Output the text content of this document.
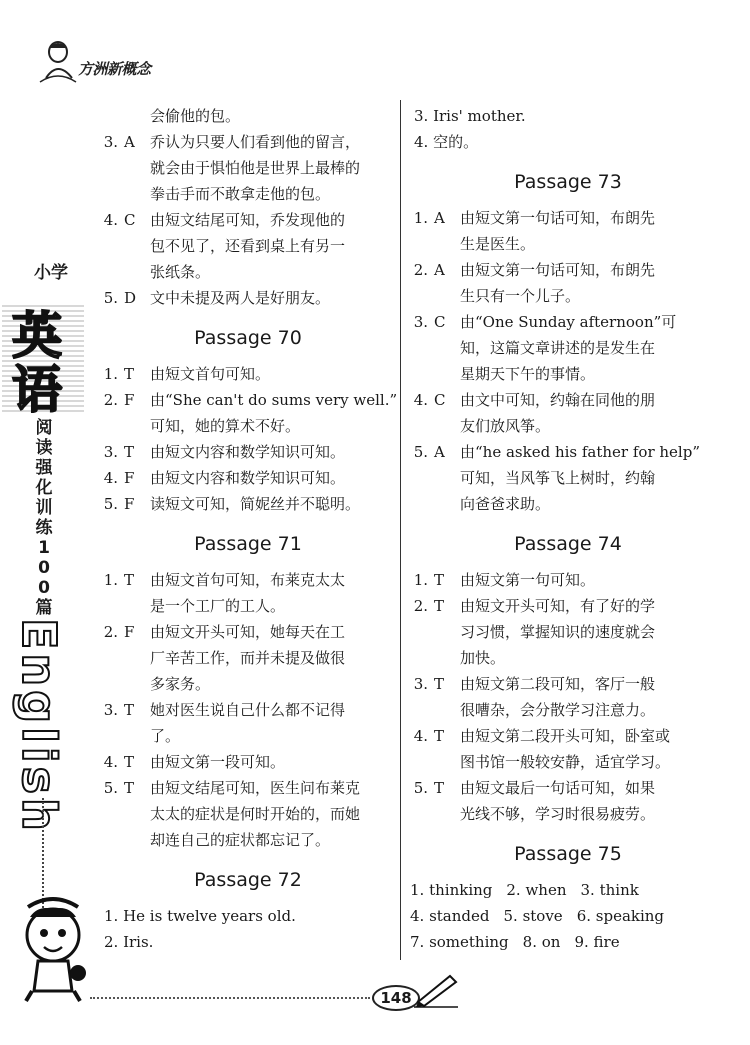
方洲新概念
小学
英
语
阅读强化训练100篇
English
会偷他的包。
3. A	乔认为只要人们看到他的留言，
就会由于惧怕他是世界上最棒的
拳击手而不敢拿走他的包。
4. C 由短文结尾可知，乔发现他的
包不见了，还看到桌上有另一
张纸条。
5. D 文中未提及两人是好朋友。
Passage 70
1. T	由短文首句可知。
2. F	由“She can't do sums very well.”
可知，她的算术不好。
3. T	由短文内容和数学知识可知。
4. F	由短文内容和数学知识可知。
5. F	读短文可知，简妮丝并不聪明。
Passage 71
1. T	由短文首句可知，布莱克太太
是一个工厂的工人。
2. F	由短文开头可知，她每天在工
厂辛苦工作，而并未提及做很
多家务。
3. T	她对医生说自己什么都不记得
了。
4. T	由短文第一段可知。
5. T	由短文结尾可知，医生问布莱克
太太的症状是何时开始的，而她
却连自己的症状都忘记了。
Passage 72
1. He is twelve years old.
2. Iris.
3. Iris' mother.
4. 空的。
Passage 73
1. A	由短文第一句话可知，布朗先
生是医生。
2. A	由短文第一句话可知，布朗先
生只有一个儿子。
3. C 由“One Sunday afternoon”可
知，这篇文章讲述的是发生在
星期天下午的事情。
4. C 由文中可知，约翰在同他的朋
友们放风筝。
5. A	由“he asked his father for help”
可知，当风筝飞上树时，约翰
向爸爸求助。
Passage 74
1. T	由短文第一句可知。
2. T	由短文开头可知，有了好的学
习习惯，掌握知识的速度就会
加快。
3. T	由短文第二段可知，客厅一般
很嘈杂，会分散学习注意力。
4. T	由短文第二段开头可知，卧室或
图书馆一般较安静，适宜学习。
5. T	由短文最后一句话可知，如果
光线不够，学习时很易疲劳。
Passage 75
1. thinking 2. when 3. think
4. standed 5. stove 6. speaking
7. something 8. on 9. fire
148
